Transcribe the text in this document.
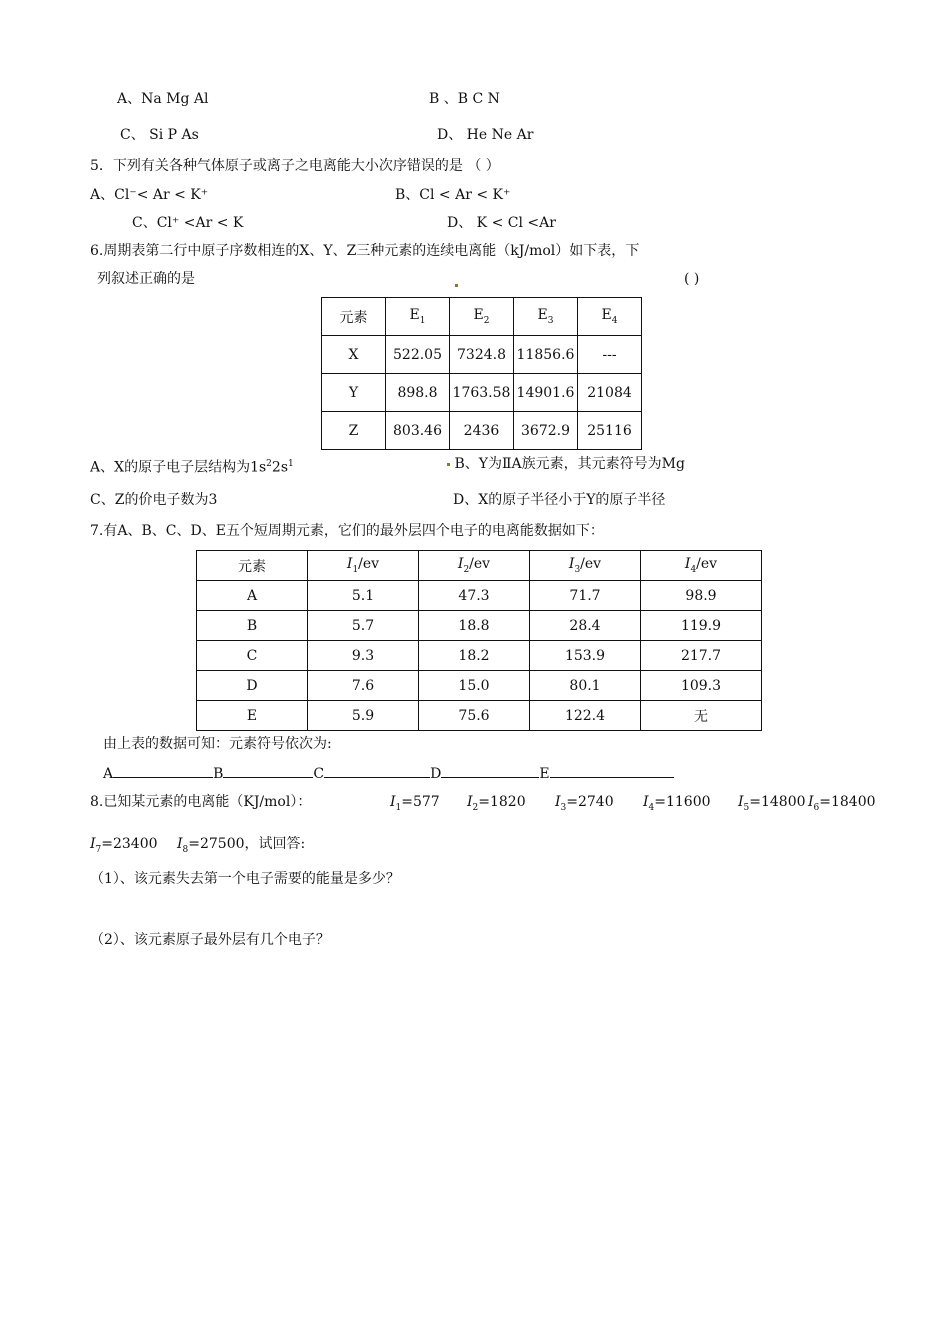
A、Na Mg Al	B 、B C N
C、 Si P As	D、 He Ne Ar
5．下列有关各种气体原子或离子之电离能大小次序错误的是 （ ）
A、Cl⁻< Ar < K⁺	B、Cl < Ar < K⁺
C、Cl⁺ <Ar < K	D、 K < Cl <Ar
6.周期表第二行中原子序数相连的X、Y、Z三种元素的连续电离能（kJ/mol）如下表，下
列叙述正确的是	( )
元素	$E_1$	$E_2$	$E_3$	$E_4$
X	522.05	7324.8	11856.6	---
Y	898.8	1763.58	14901.6	21084
Z	803.46	2436	3672.9	25116
A、X的原子电子层结构为$1s^22s^1$	B、Y为ⅡA族元素，其元素符号为Mg
C、Z的价电子数为3	D、X的原子半径小于Y的原子半径
7.有A、B、C、D、E五个短周期元素，它们的最外层四个电子的电离能数据如下：
元素	$I_1/ev$	$I_2/ev$	$I_3/ev$	$I_4/ev$
A	5.1	47.3	71.7	98.9
B	5.7	18.8	28.4	119.9
C	9.3	18.2	153.9	217.7
D	7.6	15.0	80.1	109.3
E	5.9	75.6	122.4	无
由上表的数据可知：元素符号依次为:
A	B	C	D	E
8.已知某元素的电离能（KJ/mol）：	$I_1=577$ $I_2=1820$ $I_3=2740$ $I_4=11600$ $I_5=14800$ $I_6=18400$
$I_7=23400$ $I_8=27500$，试回答:
（1）、该元素失去第一个电子需要的能量是多少？
（2）、该元素原子最外层有几个电子？
